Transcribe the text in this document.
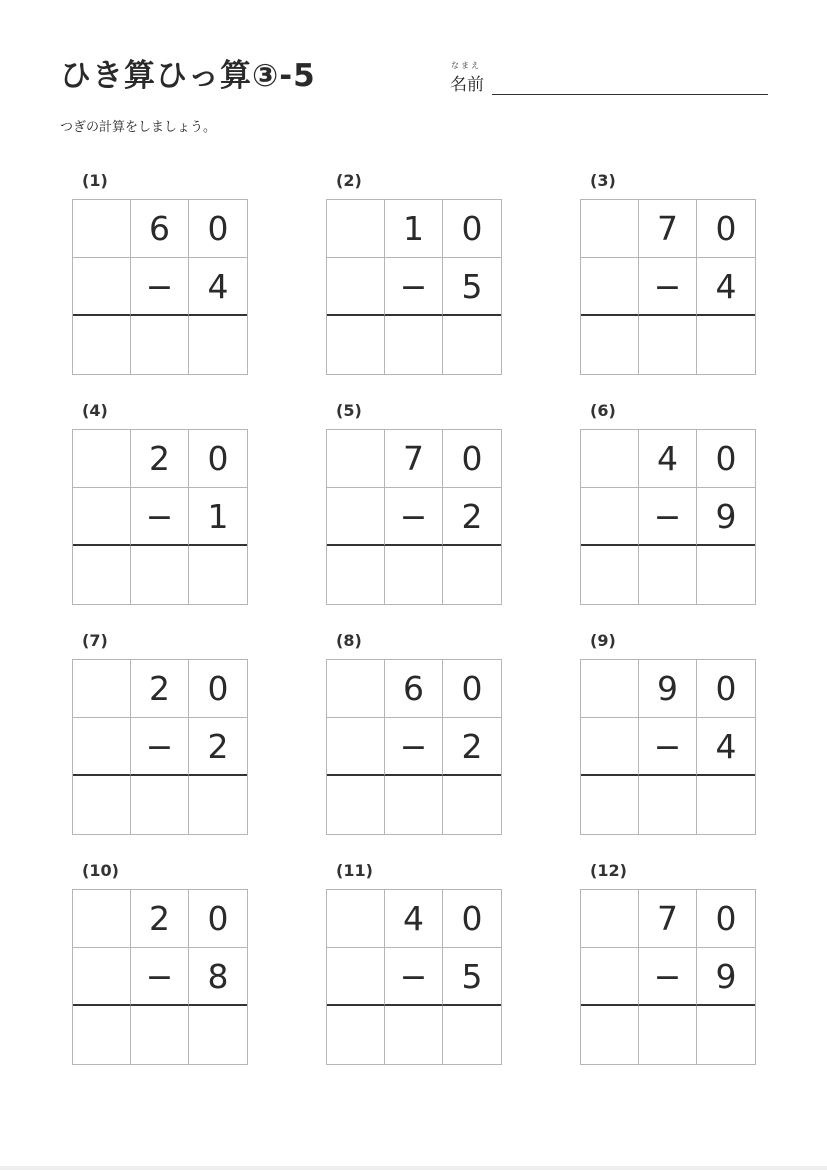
ひき算ひっ算③-5	なまえ
名前
つぎの計算をしましょう。
(1)
6	0
−	4
(2)
1	0
−	5
(3)
7	0
−	4
(4)
2	0
−	1
(5)
7	0
−	2
(6)
4	0
−	9
(7)
2	0
−	2
(8)
6	0
−	2
(9)
9	0
−	4
(10)
2	0
−	8
(11)
4	0
−	5
(12)
7	0
−	9
